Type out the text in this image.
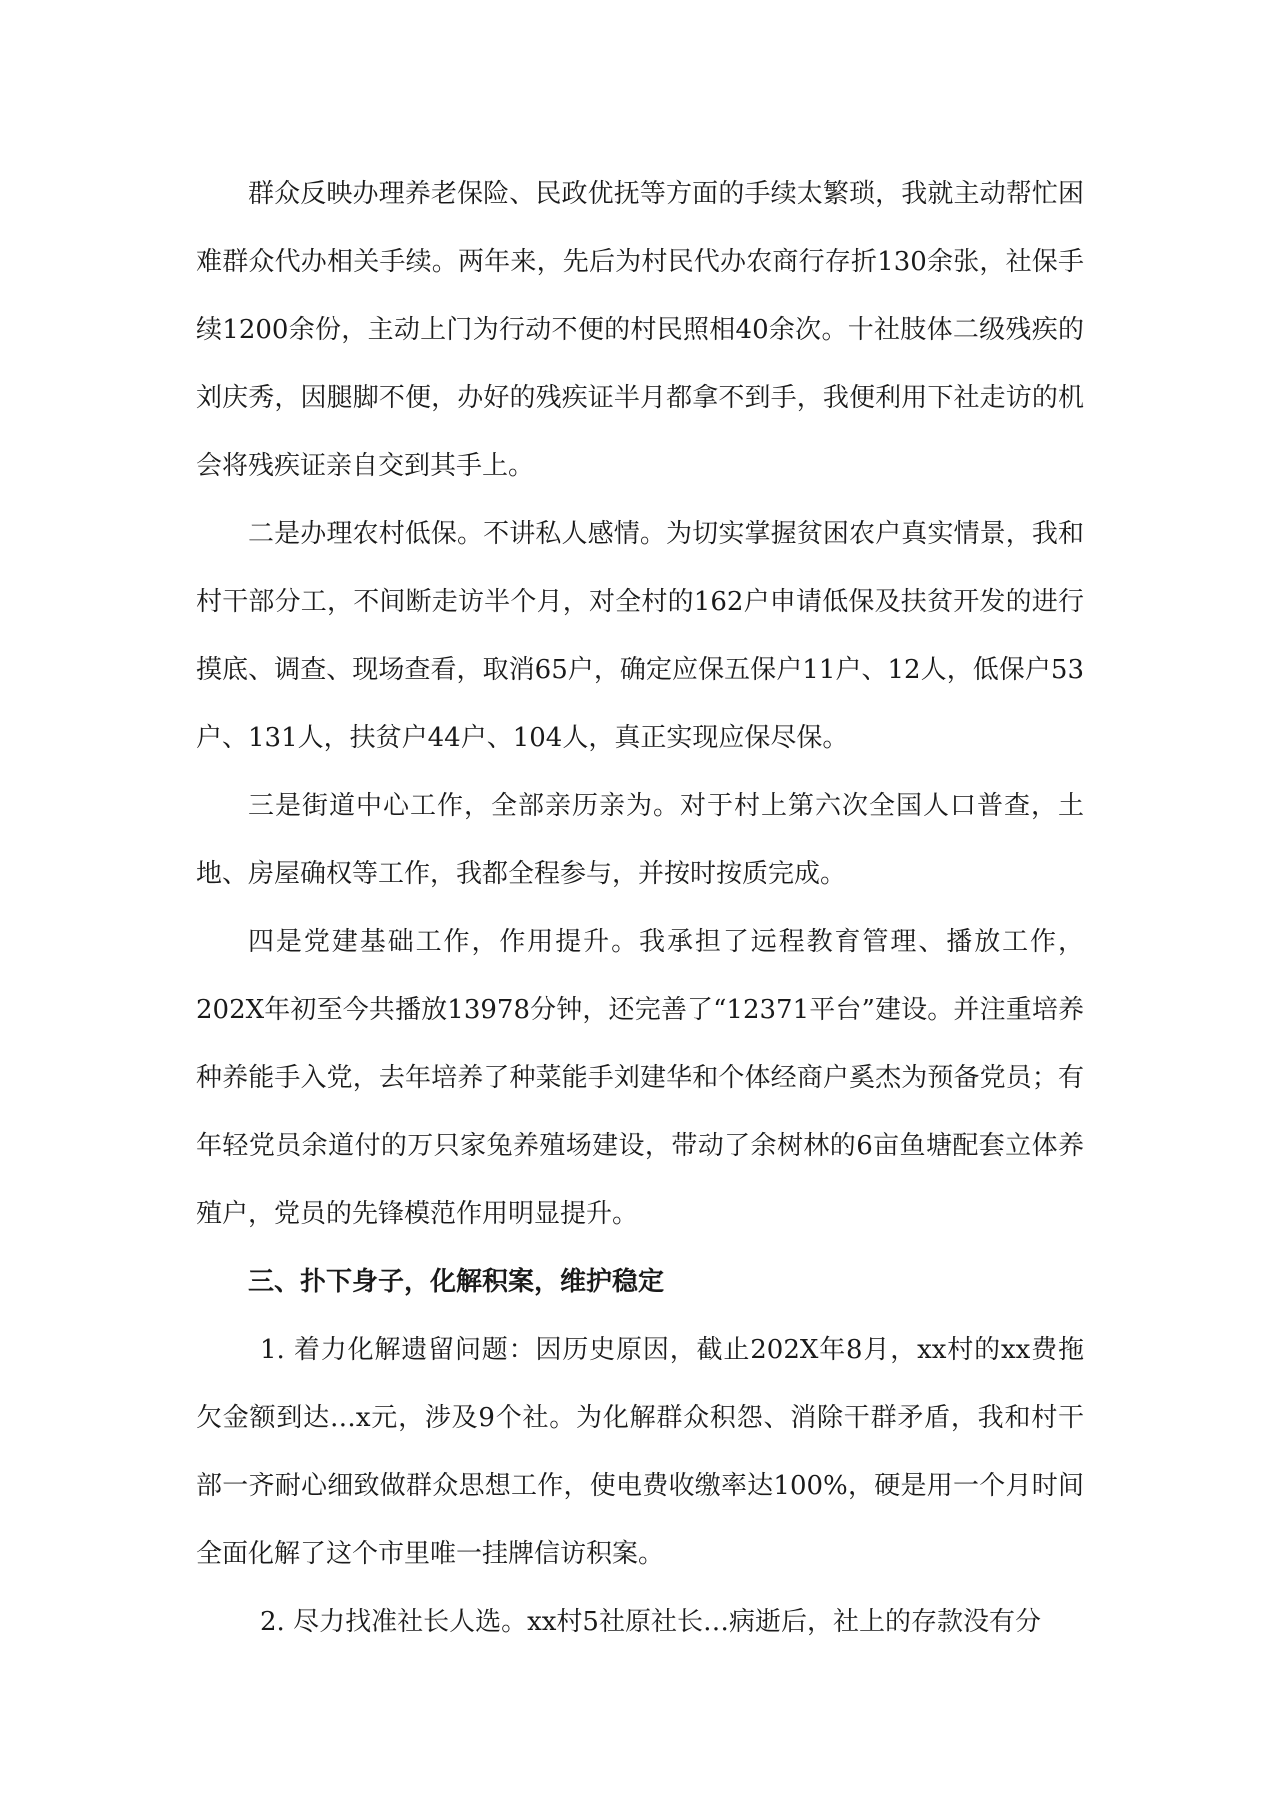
群众反映办理养老保险、民政优抚等方面的手续太繁琐，我就主动帮忙困难群众代办相关手续。两年来，先后为村民代办农商行存折130余张，社保手续1200余份，主动上门为行动不便的村民照相40余次。十社肢体二级残疾的刘庆秀，因腿脚不便，办好的残疾证半月都拿不到手，我便利用下社走访的机会将残疾证亲自交到其手上。

二是办理农村低保。不讲私人感情。为切实掌握贫困农户真实情景，我和村干部分工，不间断走访半个月，对全村的162户申请低保及扶贫开发的进行摸底、调查、现场查看，取消65户，确定应保五保户11户、12人，低保户53户、131人，扶贫户44户、104人，真正实现应保尽保。

三是街道中心工作，全部亲历亲为。对于村上第六次全国人口普查，土地、房屋确权等工作，我都全程参与，并按时按质完成。

四是党建基础工作，作用提升。我承担了远程教育管理、播放工作，202X年初至今共播放13978分钟，还完善了“12371平台”建设。并注重培养种养能手入党，去年培养了种菜能手刘建华和个体经商户奚杰为预备党员；有年轻党员余道付的万只家兔养殖场建设，带动了余树林的6亩鱼塘配套立体养殖户，党员的先锋模范作用明显提升。

三、扑下身子，化解积案，维护稳定

1. 着力化解遗留问题：因历史原因，截止202X年8月，xx村的xx费拖欠金额到达…x元，涉及9个社。为化解群众积怨、消除干群矛盾，我和村干部一齐耐心细致做群众思想工作，使电费收缴率达100%，硬是用一个月时间全面化解了这个市里唯一挂牌信访积案。

2. 尽力找准社长人选。xx村5社原社长…病逝后，社上的存款没有分
